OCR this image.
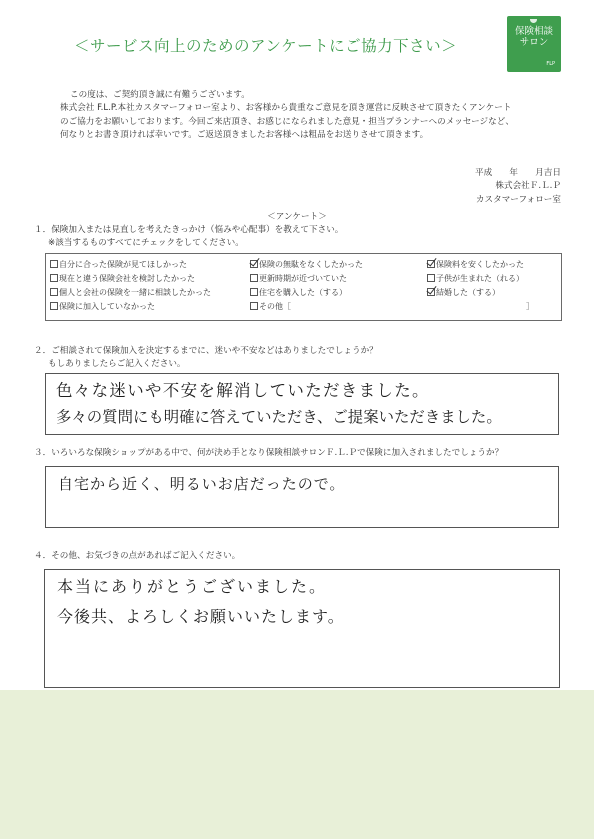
＜サービス向上のためのアンケートにご協力下さい＞
保険相談
サロン
FLP
この度は、ご契約頂き誠に有難うございます。
株式会社 F.L.P.本社カスタマーフォロー室より、お客様から貴重なご意見を頂き運営に反映させて頂きたくアンケート
のご協力をお願いしております。今回ご来店頂き、お感じになられました意見・担当プランナーへのメッセージなど、
何なりとお書き頂ければ幸いです。ご返送頂きましたお客様へは粗品をお送りさせて頂きます。
平成　　年　　月吉日
株式会社Ｆ.Ｌ.Ｐ
カスタマーフォロー室
＜アンケート＞
１．保険加入または見直しを考えたきっかけ（悩みや心配事）を教えて下さい。
※該当するものすべてにチェックをしてください。
自分に合った保険が見てほしかった	保険の無駄をなくしたかった	保険料を安くしたかった
現在と違う保険会社を検討したかった	更新時期が近づいていた	子供が生まれた（れる）
個人と会社の保険を一緒に相談したかった	住宅を購入した（する）	結婚した（する）
保険に加入していなかった	その他［	］
２．ご相談されて保険加入を決定するまでに、迷いや不安などはありましたでしょうか？
もしありましたらご記入ください。
色々な迷いや不安を解消していただきました。
多々の質問にも明確に答えていただき、ご提案いただきました。
３．いろいろな保険ショップがある中で、何が決め手となり保険相談サロンＦ.Ｌ.Ｐで保険に加入されましたでしょうか？
自宅から近く、明るいお店だったので。
４．その他、お気づきの点があればご記入ください。
本当にありがとうございました。
今後共、よろしくお願いいたします。
